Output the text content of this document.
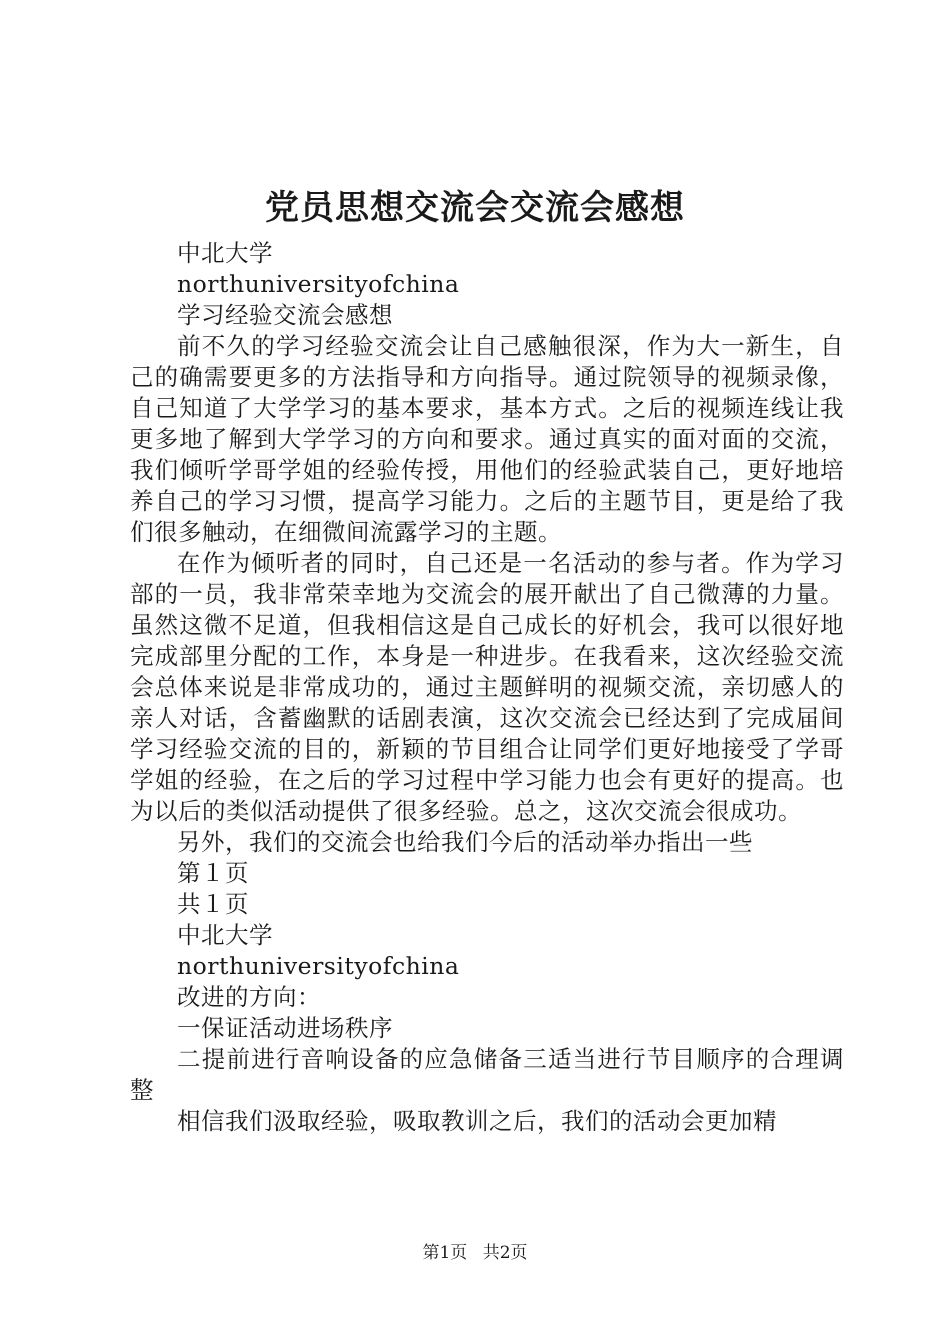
党员思想交流会交流会感想

中北大学

northuniversityofchina

学习经验交流会感想

前不久的学习经验交流会让自己感触很深，作为大一新生，自己的确需要更多的方法指导和方向指导。通过院领导的视频录像，自己知道了大学学习的基本要求，基本方式。之后的视频连线让我更多地了解到大学学习的方向和要求。通过真实的面对面的交流，我们倾听学哥学姐的经验传授，用他们的经验武装自己，更好地培养自己的学习习惯，提高学习能力。之后的主题节目，更是给了我们很多触动，在细微间流露学习的主题。

在作为倾听者的同时，自己还是一名活动的参与者。作为学习部的一员，我非常荣幸地为交流会的展开献出了自己微薄的力量。虽然这微不足道，但我相信这是自己成长的好机会，我可以很好地完成部里分配的工作，本身是一种进步。在我看来，这次经验交流会总体来说是非常成功的，通过主题鲜明的视频交流，亲切感人的亲人对话，含蓄幽默的话剧表演，这次交流会已经达到了完成届间学习经验交流的目的，新颖的节目组合让同学们更好地接受了学哥学姐的经验，在之后的学习过程中学习能力也会有更好的提高。也为以后的类似活动提供了很多经验。总之，这次交流会很成功。

另外，我们的交流会也给我们今后的活动举办指出一些

第１页

共１页

中北大学

northuniversityofchina

改进的方向：

一保证活动进场秩序

二提前进行音响设备的应急储备三适当进行节目顺序的合理调整

相信我们汲取经验，吸取教训之后，我们的活动会更加精

第1页 共2页
